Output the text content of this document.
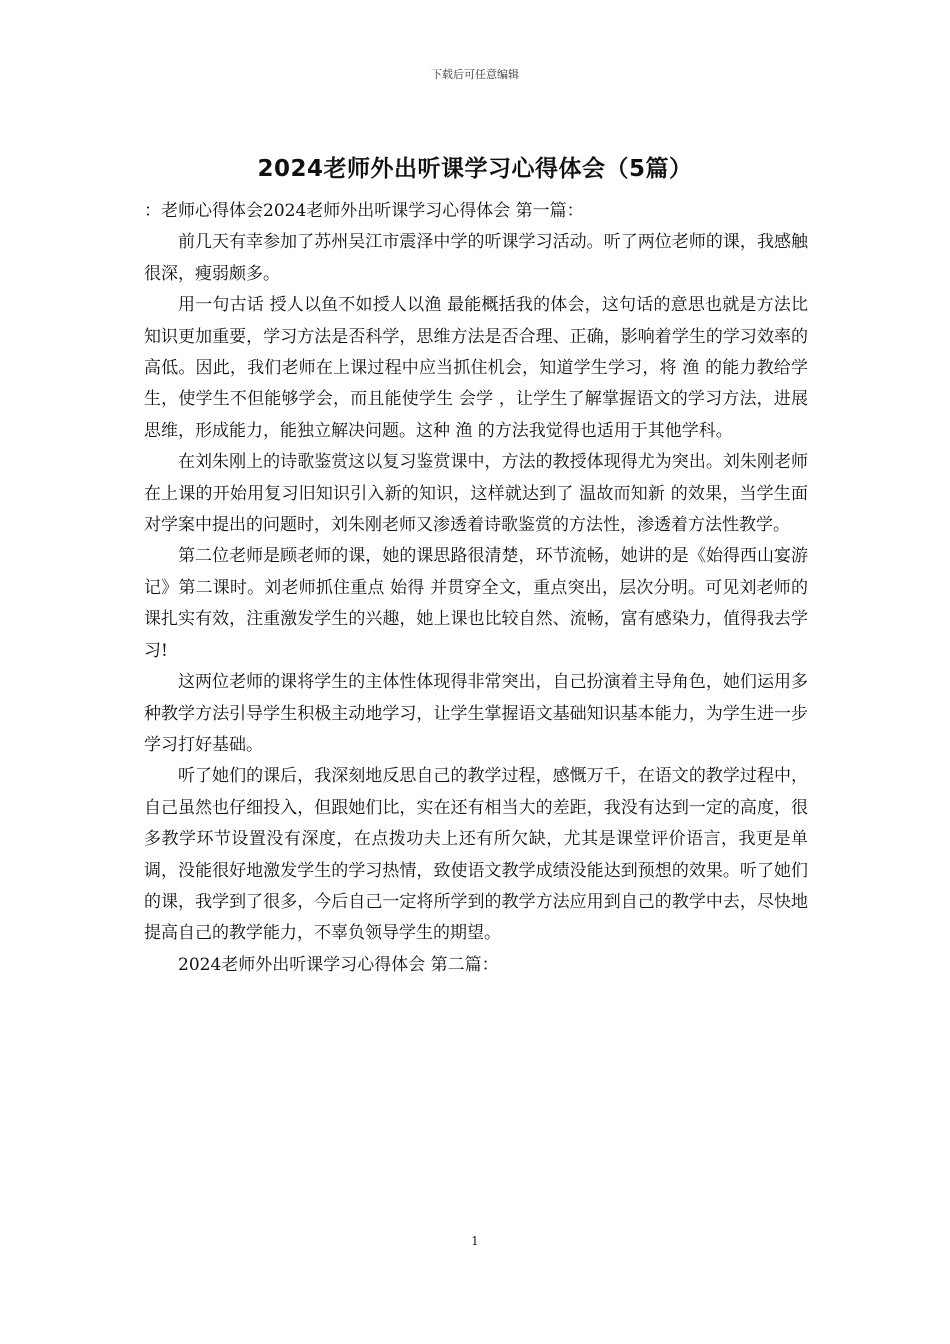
下载后可任意编辑
2024老师外出听课学习心得体会（5篇）

：老师心得体会2024老师外出听课学习心得体会 第一篇：

前几天有幸参加了苏州吴江市震泽中学的听课学习活动。听了两位老师的课，我感触很深，瘦弱颇多。

用一句古话 授人以鱼不如授人以渔 最能概括我的体会，这句话的意思也就是方法比知识更加重要，学习方法是否科学，思维方法是否合理、正确，影响着学生的学习效率的高低。因此，我们老师在上课过程中应当抓住机会，知道学生学习，将 渔 的能力教给学生，使学生不但能够学会，而且能使学生 会学 ，让学生了解掌握语文的学习方法，进展思维，形成能力，能独立解决问题。这种 渔 的方法我觉得也适用于其他学科。

在刘朱刚上的诗歌鉴赏这以复习鉴赏课中，方法的教授体现得尤为突出。刘朱刚老师在上课的开始用复习旧知识引入新的知识，这样就达到了 温故而知新 的效果，当学生面对学案中提出的问题时，刘朱刚老师又渗透着诗歌鉴赏的方法性，渗透着方法性教学。

第二位老师是顾老师的课，她的课思路很清楚，环节流畅，她讲的是《始得西山宴游记》第二课时。刘老师抓住重点 始得 并贯穿全文，重点突出，层次分明。可见刘老师的课扎实有效，注重激发学生的兴趣，她上课也比较自然、流畅，富有感染力，值得我去学习!

这两位老师的课将学生的主体性体现得非常突出，自己扮演着主导角色，她们运用多种教学方法引导学生积极主动地学习，让学生掌握语文基础知识基本能力，为学生进一步学习打好基础。

听了她们的课后，我深刻地反思自己的教学过程，感慨万千，在语文的教学过程中，自己虽然也仔细投入，但跟她们比，实在还有相当大的差距，我没有达到一定的高度，很多教学环节设置没有深度，在点拨功夫上还有所欠缺，尤其是课堂评价语言，我更是单调，没能很好地激发学生的学习热情，致使语文教学成绩没能达到预想的效果。听了她们的课，我学到了很多，今后自己一定将所学到的教学方法应用到自己的教学中去，尽快地提高自己的教学能力，不辜负领导学生的期望。

2024老师外出听课学习心得体会 第二篇：

1
